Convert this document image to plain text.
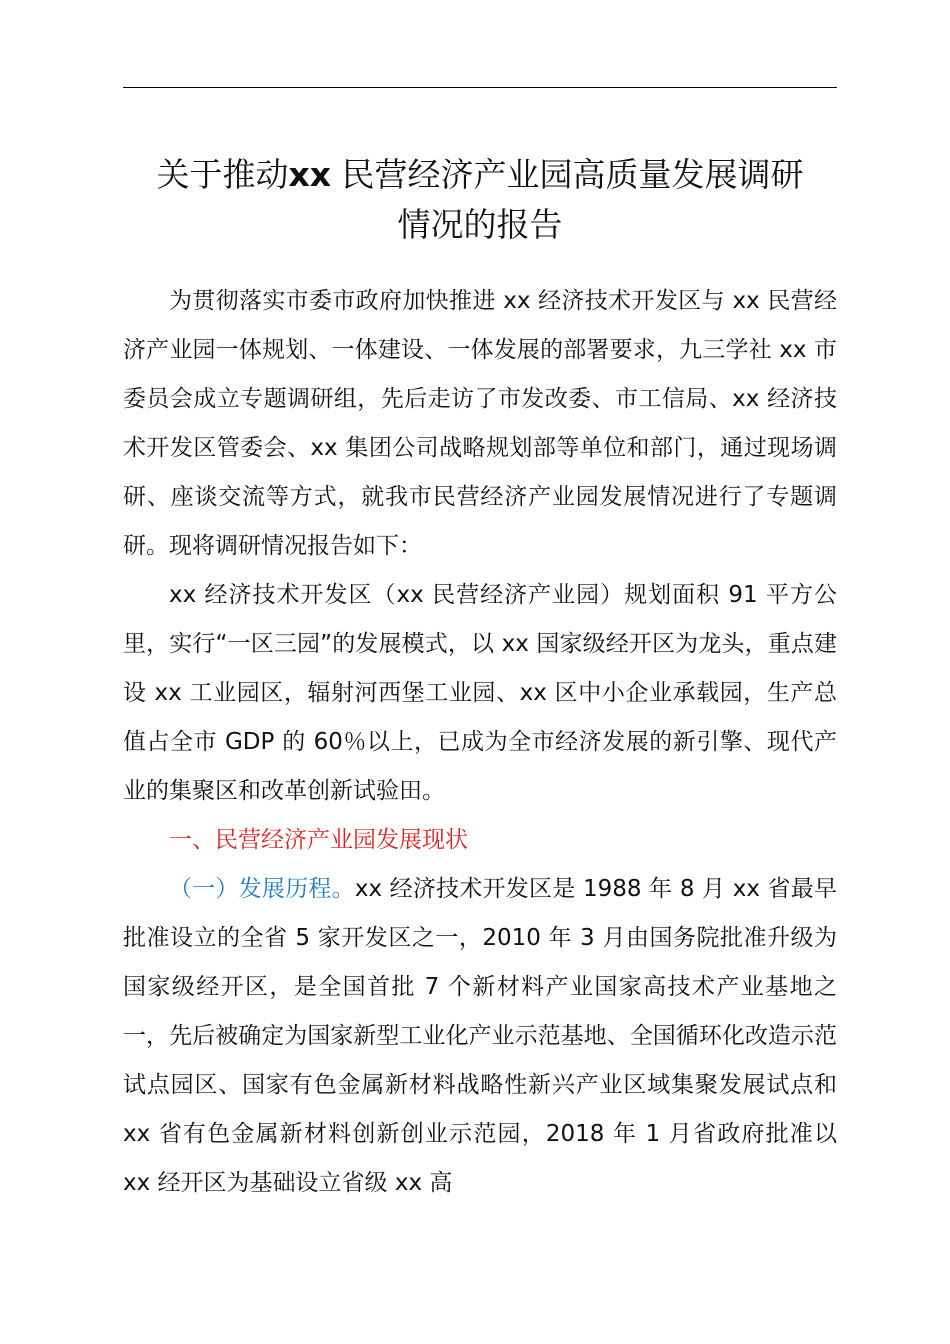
关于推动xx 民营经济产业园高质量发展调研
情况的报告

为贯彻落实市委市政府加快推进 xx 经济技术开发区与 xx 民营经济产业园一体规划、一体建设、一体发展的部署要求，九三学社 xx 市委员会成立专题调研组，先后走访了市发改委、市工信局、xx 经济技术开发区管委会、xx 集团公司战略规划部等单位和部门，通过现场调研、座谈交流等方式，就我市民营经济产业园发展情况进行了专题调研。现将调研情况报告如下：

xx 经济技术开发区（xx 民营经济产业园）规划面积 91 平方公里，实行“一区三园”的发展模式，以 xx 国家级经开区为龙头，重点建设 xx 工业园区，辐射河西堡工业园、xx 区中小企业承载园，生产总值占全市 GDP 的 60％以上，已成为全市经济发展的新引擎、现代产业的集聚区和改革创新试验田。

一、民营经济产业园发展现状

（一）发展历程。xx 经济技术开发区是 1988 年 8 月 xx 省最早批准设立的全省 5 家开发区之一，2010 年 3 月由国务院批准升级为国家级经开区，是全国首批 7 个新材料产业国家高技术产业基地之一，先后被确定为国家新型工业化产业示范基地、全国循环化改造示范试点园区、国家有色金属新材料战略性新兴产业区域集聚发展试点和 xx 省有色金属新材料创新创业示范园，2018 年 1 月省政府批准以 xx 经开区为基础设立省级 xx 高
